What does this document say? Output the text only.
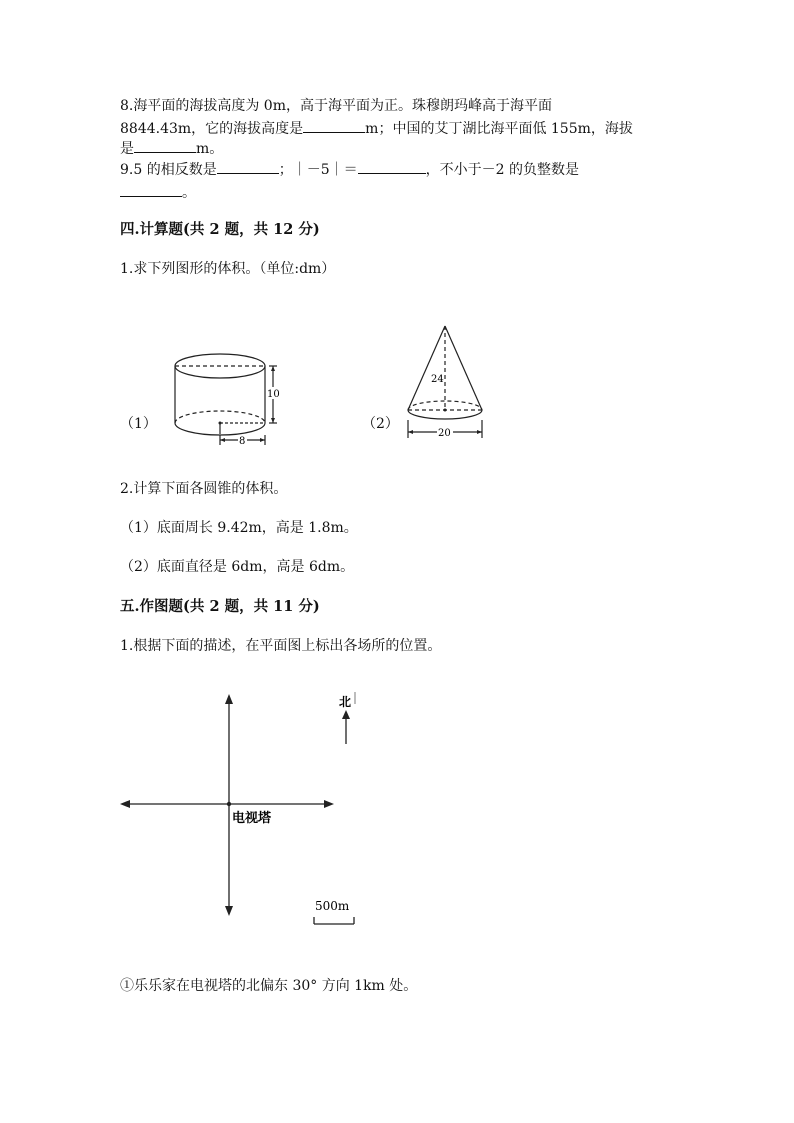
8.海平面的海拔高度为 0m，高于海平面为正。珠穆朗玛峰高于海平面
8844.43m，它的海拔高度是	m；中国的艾丁湖比海平面低 155m，海拔
是	m。
9.5 的相反数是	；｜－5｜＝	，不小于－2 的负整数是
。
四.计算题(共 2 题，共 12 分)
1.求下列图形的体积。（单位:dm）
（1）
10
8
（2）
24
20
2.计算下面各圆锥的体积。
（1）底面周长 9.42m，高是 1.8m。
（2）底面直径是 6dm，高是 6dm。
五.作图题(共 2 题，共 11 分)
1.根据下面的描述，在平面图上标出各场所的位置。
北
电视塔
500m
①乐乐家在电视塔的北偏东 30° 方向 1km 处。
